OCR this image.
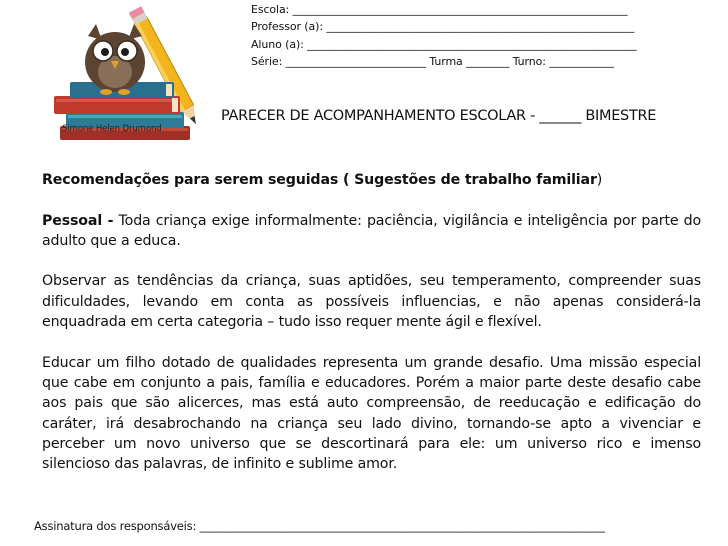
Simone Helen Drumond
Escola: ______________________________________________________________
Professor (a): _________________________________________________________
Aluno (a): _____________________________________________________________
Série: __________________________ Turma ________ Turno: ____________
PARECER DE ACOMPANHAMENTO ESCOLAR - ______ BIMESTRE

Recomendações para serem seguidas ( Sugestões de trabalho familiar)

Pessoal - Toda criança exige informalmente: paciência, vigilância e inteligência por parte do adulto que a educa.

Observar as tendências da criança, suas aptidões, seu temperamento, compreender suas dificuldades, levando em conta as possíveis influencias, e não apenas considerá-la enquadrada em certa categoria – tudo isso requer mente ágil e flexível.

Educar um filho dotado de qualidades representa um grande desafio. Uma missão especial que cabe em conjunto a pais, família e educadores. Porém a maior parte deste desafio cabe aos pais que são alicerces, mas está auto compreensão, de reeducação e edificação do caráter, irá desabrochando na criança seu lado divino, tornando-se apto a vivenciar e perceber um novo universo que se descortinará para ele: um universo rico e imenso silencioso das palavras, de infinito e sublime amor.

Assinatura dos responsáveis: _________________________________________________________________________
